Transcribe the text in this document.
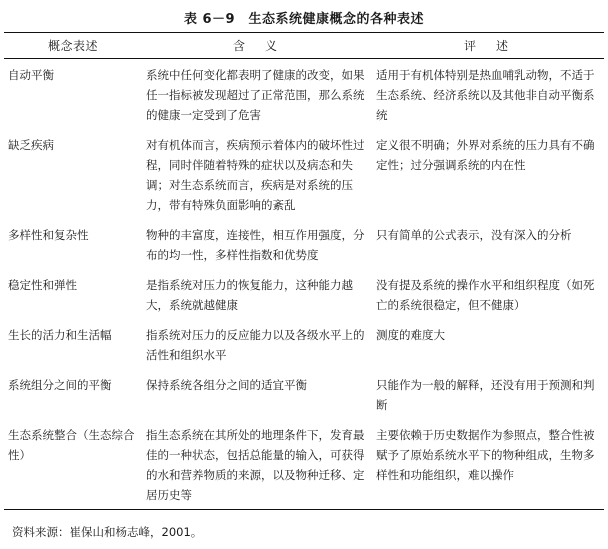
表 6－9　生态系统健康概念的各种表述
概念表述	含　义	评　述
自动平衡	系统中任何变化都表明了健康的改变，如果任一指标被发现超过了正常范围，那么系统的健康一定受到了危害	适用于有机体特别是热血哺乳动物，不适于生态系统、经济系统以及其他非自动平衡系统
缺乏疾病	对有机体而言，疾病预示着体内的破坏性过程，同时伴随着特殊的症状以及病态和失调；对生态系统而言，疾病是对系统的压力，带有特殊负面影响的紊乱	定义很不明确；外界对系统的压力具有不确定性；过分强调系统的内在性
多样性和复杂性	物种的丰富度，连接性，相互作用强度，分布的均一性，多样性指数和优势度	只有简单的公式表示，没有深入的分析
稳定性和弹性	是指系统对压力的恢复能力，这种能力越大，系统就越健康	没有提及系统的操作水平和组织程度（如死亡的系统很稳定，但不健康）
生长的活力和生活幅	指系统对压力的反应能力以及各级水平上的活性和组织水平	测度的难度大
系统组分之间的平衡	保持系统各组分之间的适宜平衡	只能作为一般的解释，还没有用于预测和判断
生态系统整合（生态综合性）	指生态系统在其所处的地理条件下，发育最佳的一种状态，包括总能量的输入，可获得的水和营养物质的来源，以及物种迁移、定居历史等	主要依赖于历史数据作为参照点，整合性被赋予了原始系统水平下的物种组成，生物多样性和功能组织，难以操作
资料来源：崔保山和杨志峰，2001。
